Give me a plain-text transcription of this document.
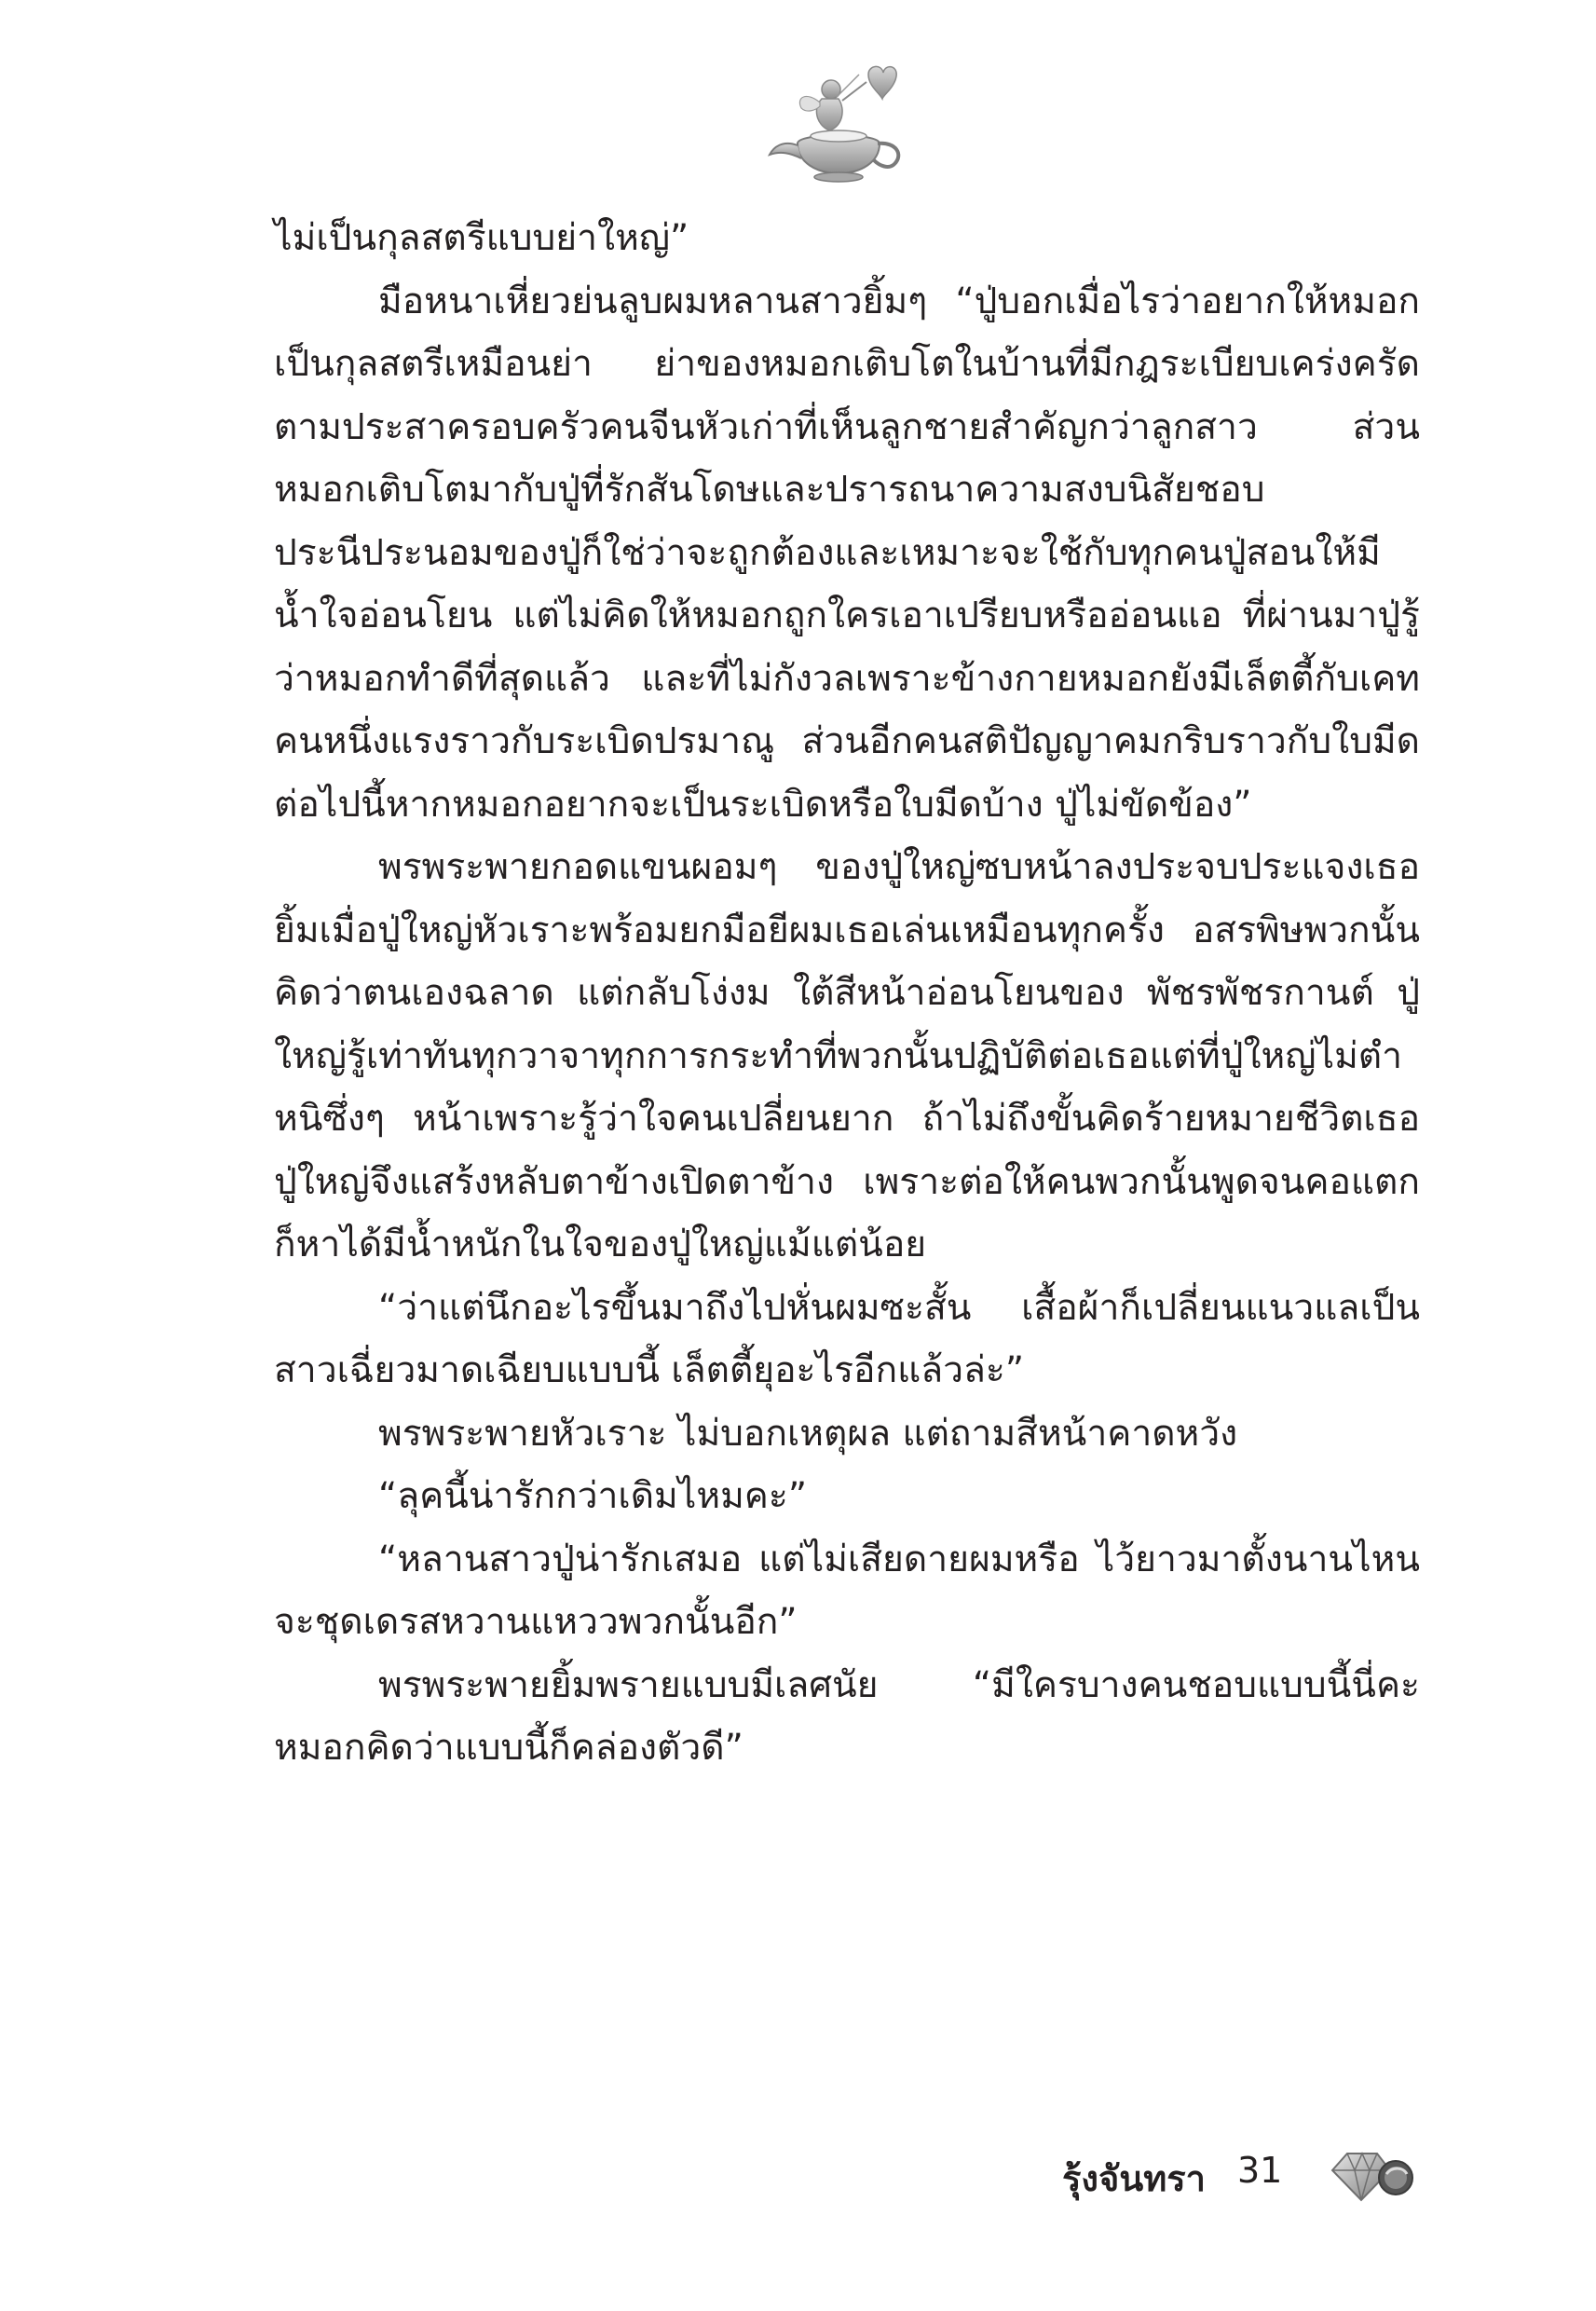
ไม่เป็นกุลสตรีแบบย่าใหญ่”

มือหนาเหี่ยวย่นลูบผมหลานสาวยิ้มๆ “ปู่บอกเมื่อไรว่าอยากให้หมอกเป็นกุลสตรีเหมือนย่า ย่าของหมอกเติบโตในบ้านที่มีกฎระเบียบเคร่งครัดตามประสาครอบครัวคนจีนหัวเก่าที่เห็นลูกชายสำคัญกว่าลูกสาว ส่วนหมอกเติบโตมากับปู่ที่รักสันโดษและปรารถนาความสงบนิสัยชอบประนีประนอมของปู่ก็ใช่ว่าจะถูกต้องและเหมาะจะใช้กับทุกคนปู่สอนให้มีน้ำใจอ่อนโยน แต่ไม่คิดให้หมอกถูกใครเอาเปรียบหรืออ่อนแอ ที่ผ่านมาปู่รู้ว่าหมอกทำดีที่สุดแล้ว และที่ไม่กังวลเพราะข้างกายหมอกยังมีเล็ตตี้กับเคท คนหนึ่งแรงราวกับระเบิดปรมาณู ส่วนอีกคนสติปัญญาคมกริบราวกับใบมีด ต่อไปนี้หากหมอกอยากจะเป็นระเบิดหรือใบมีดบ้าง ปู่ไม่ขัดข้อง”

พรพระพายกอดแขนผอมๆ ของปู่ใหญ่ซบหน้าลงประจบประแจงเธอยิ้มเมื่อปู่ใหญ่หัวเราะพร้อมยกมือยีผมเธอเล่นเหมือนทุกครั้ง อสรพิษพวกนั้นคิดว่าตนเองฉลาด แต่กลับโง่งม ใต้สีหน้าอ่อนโยนของ พัชรพัชรกานต์ ปู่ใหญ่รู้เท่าทันทุกวาจาทุกการกระทำที่พวกนั้นปฏิบัติต่อเธอแต่ที่ปู่ใหญ่ไม่ตำหนิซึ่งๆ หน้าเพราะรู้ว่าใจคนเปลี่ยนยาก ถ้าไม่ถึงขั้นคิดร้ายหมายชีวิตเธอ ปู่ใหญ่จึงแสร้งหลับตาข้างเปิดตาข้าง เพราะต่อให้คนพวกนั้นพูดจนคอแตกก็หาได้มีน้ำหนักในใจของปู่ใหญ่แม้แต่น้อย

“ว่าแต่นึกอะไรขึ้นมาถึงไปหั่นผมซะสั้น เสื้อผ้าก็เปลี่ยนแนวแลเป็นสาวเฉี่ยวมาดเฉียบแบบนี้ เล็ตตี้ยุอะไรอีกแล้วล่ะ”

พรพระพายหัวเราะ ไม่บอกเหตุผล แต่ถามสีหน้าคาดหวัง

“ลุคนี้น่ารักกว่าเดิมไหมคะ”

“หลานสาวปู่น่ารักเสมอ แต่ไม่เสียดายผมหรือ ไว้ยาวมาตั้งนานไหนจะชุดเดรสหวานแหววพวกนั้นอีก”

พรพระพายยิ้มพรายแบบมีเลศนัย “มีใครบางคนชอบแบบนี้นี่คะหมอกคิดว่าแบบนี้ก็คล่องตัวดี”

รุ้งจันทรา 31
